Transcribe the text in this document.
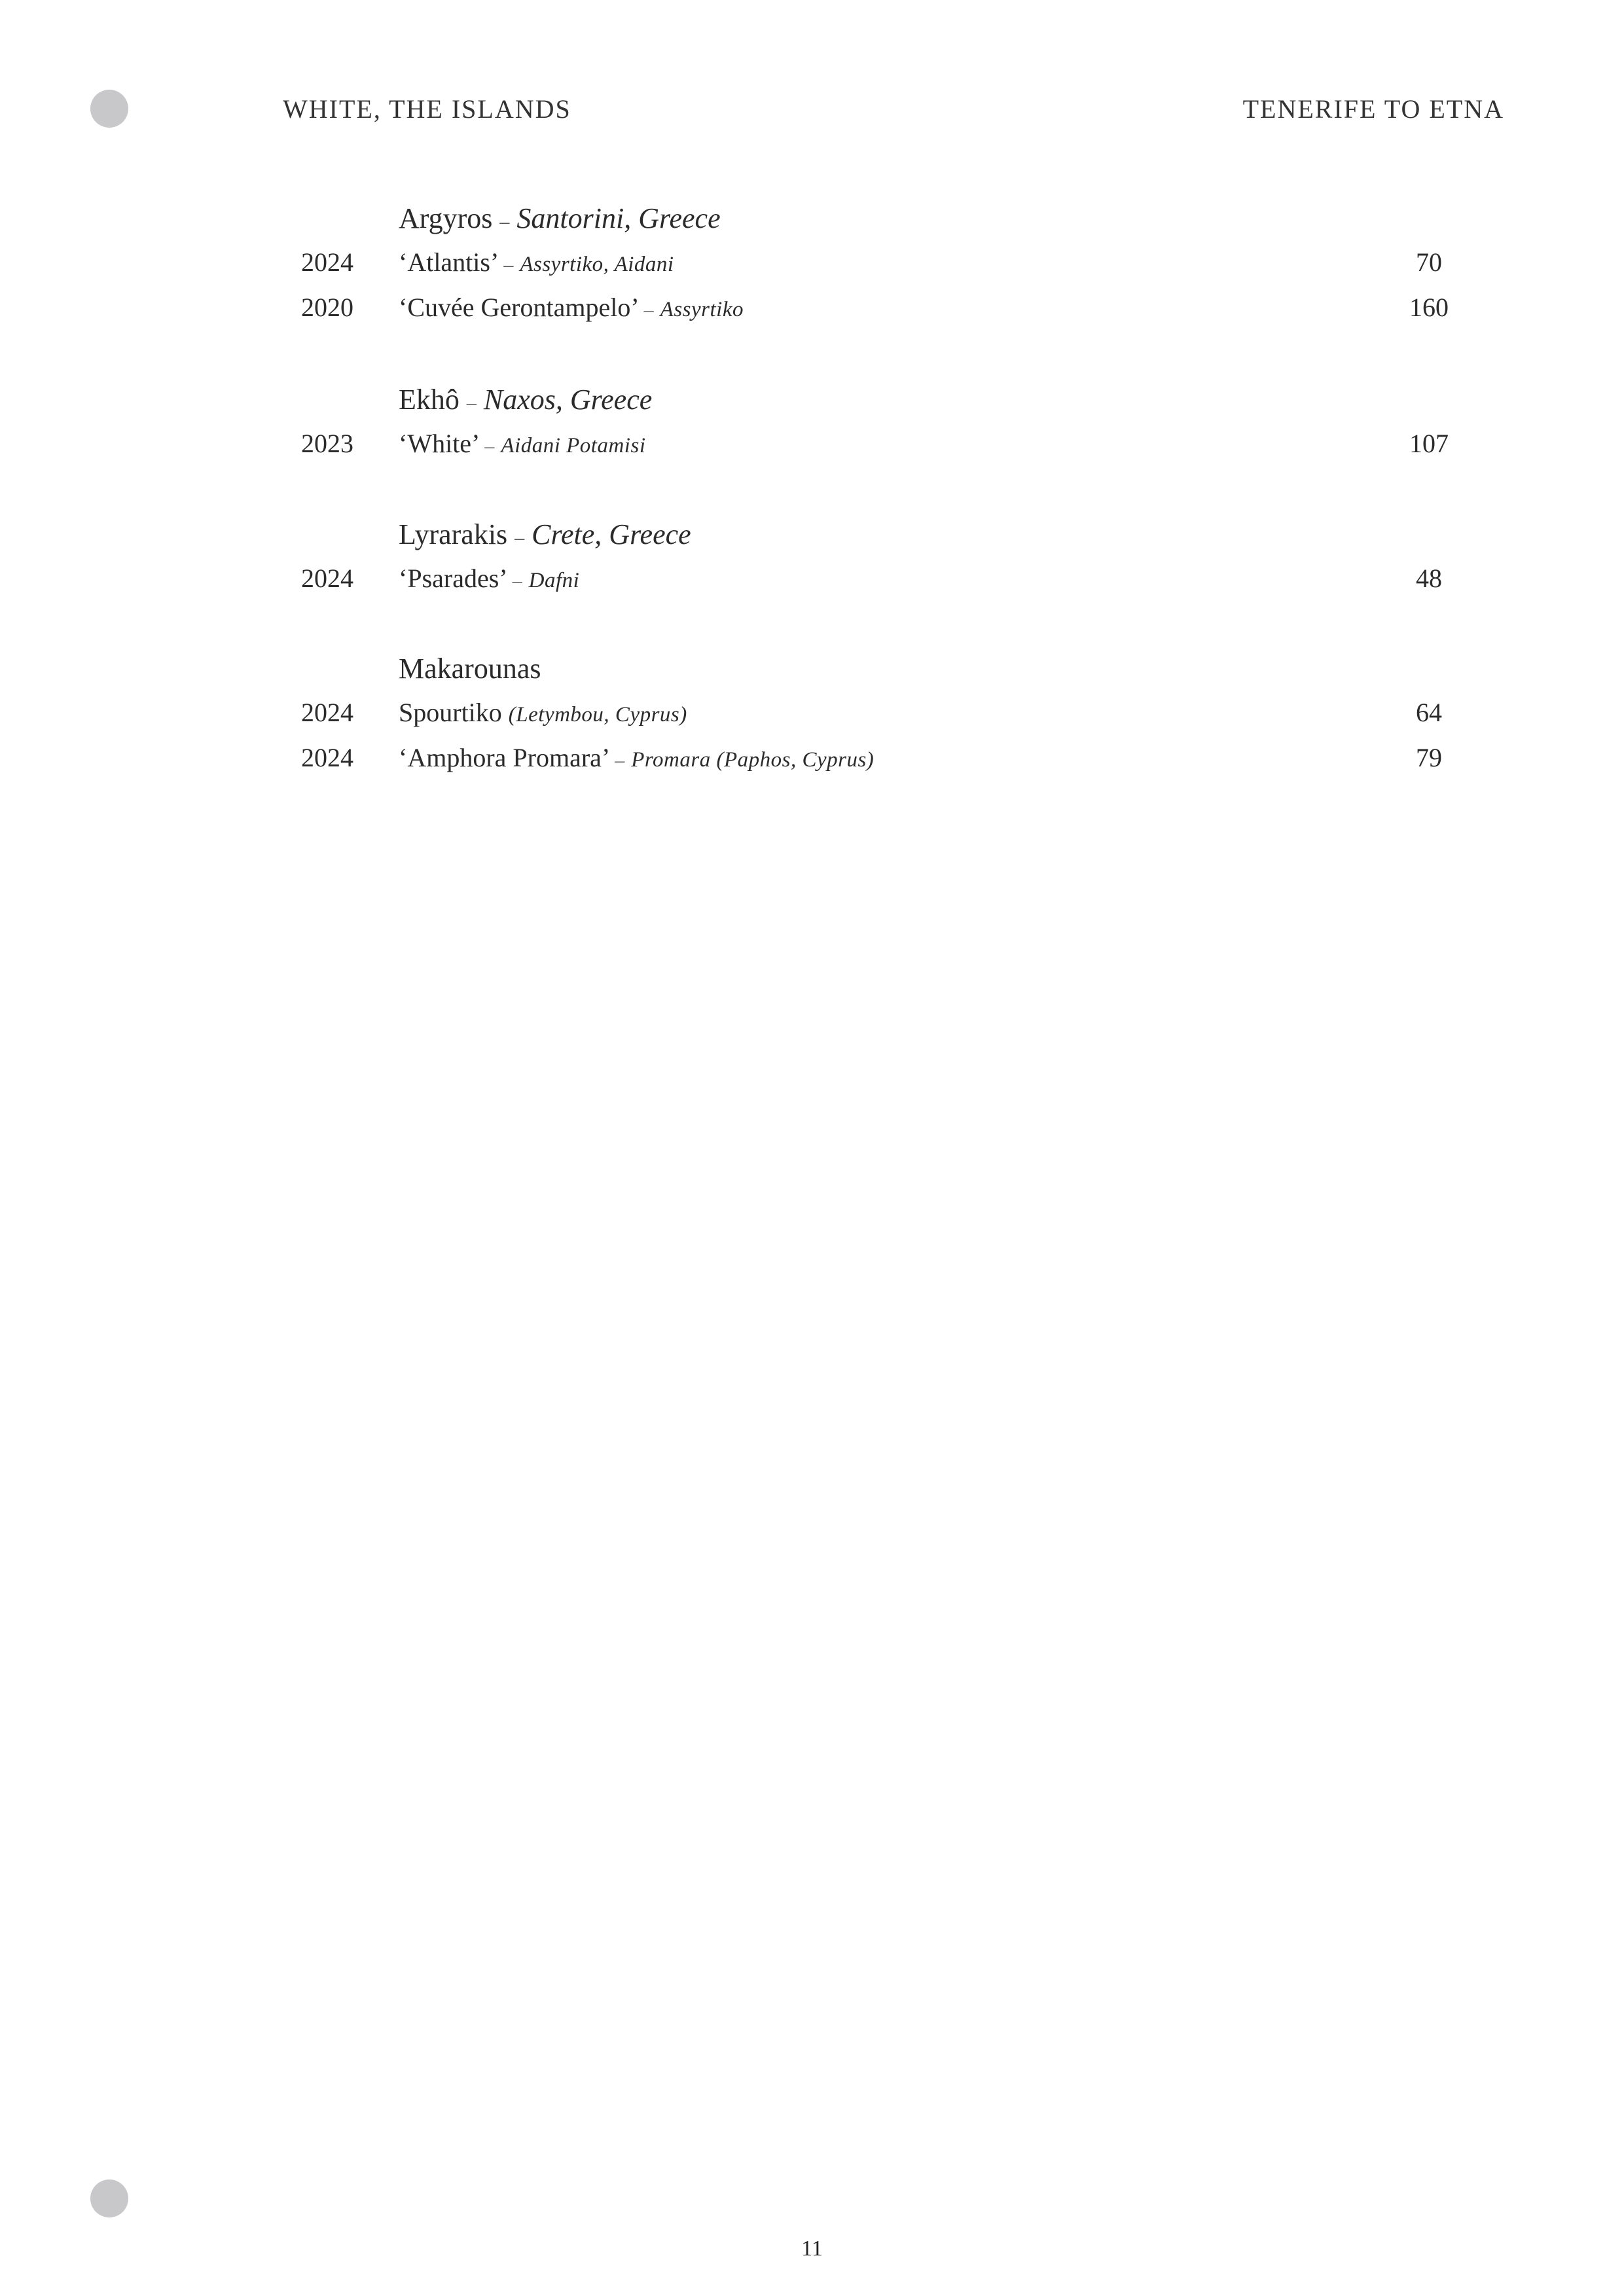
WHITE, THE ISLANDS	TENERIFE TO ETNA
Argyros – Santorini, Greece
2024 ‘Atlantis’ – Assyrtiko, Aidani	70
2020 ‘Cuvée Gerontampelo’ – Assyrtiko	160
Ekhô – Naxos, Greece
2023 ‘White’ – Aidani Potamisi	107
Lyrarakis – Crete, Greece
2024 ‘Psarades’ – Dafni	48
Makarounas
2024 Spourtiko (Letymbou, Cyprus)	64
2024 ‘Amphora Promara’ – Promara (Paphos, Cyprus)	79
11
